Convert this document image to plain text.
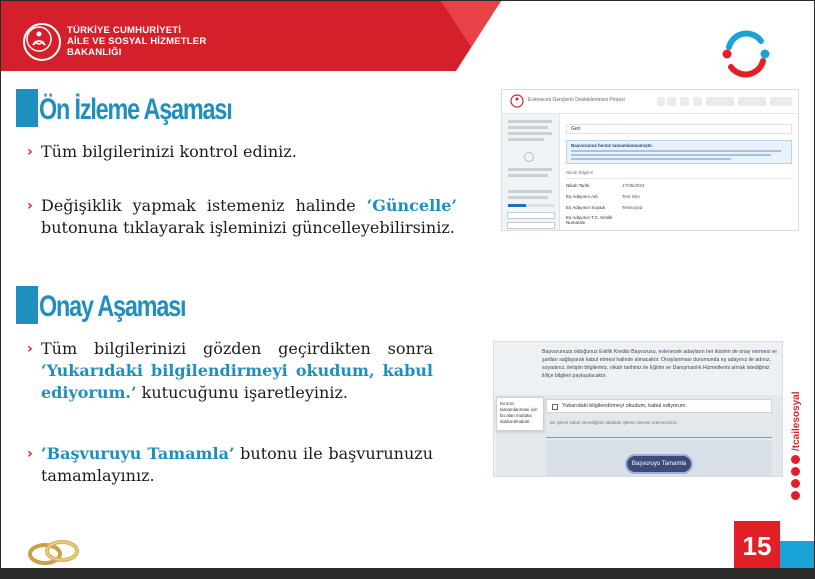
TÜRKİYE CUMHURİYETİ
AİLE VE SOSYAL HİZMETLER
BAKANLIĞI
Ön İzleme Aşaması
› Tüm bilgilerinizi kontrol ediniz.
› Değişiklik yapmak istemeniz halinde ‘Güncelle’
butonuna tıklayarak işleminizi güncelleyebilirsiniz.
Evlenecek Gençlerin Desteklenmesi Projesi
Geri
Başvurunuz henüz tamamlanmamıştır.
Nikah Bilgileri
Nikah Tarihi	17/05/2024
Eş Adayının Adı	Test Isim
Eş Adayının Soyadı	Testsoyad
Eş Adayının T.C. Kimlik Numarası
Onay Aşaması
› Tüm bilgilerinizi gözden geçirdikten sonra
‘Yukarıdaki bilgilendirmeyi okudum, kabul
ediyorum.’ kutucuğunu işaretleyiniz.
› ‘Başvuruyu Tamamla’ butonu ile başvurunuzu
tamamlayınız.
Başvurunuza olduğunuz Evlilik Kredisi Başvurusu, evlenecek adayların her ikisinin de onay vermesi ve şartları sağlayarak kabul etmesi halinde alınacaktır. Onaylanması durumunda eş adayınız ile adınız, soyadınız, iletişim bilgileriniz, nikah tarihiniz ile Eğitim ve Danışmanlık Hizmetlerini almak istediğiniz il/ilçe bilgileri paylaşılacaktır.
Kırmızı tamamlanması için bu alan mutlaka doldurulmalıdır.
Yukarıdaki bilgilendirmeyi okudum, kabul ediyorum.
Bu işlemi kabul etmediğiniz takdirde işleme devam edemezsiniz.
Başvuruyu Tamamla
/tcailesosyal
15
